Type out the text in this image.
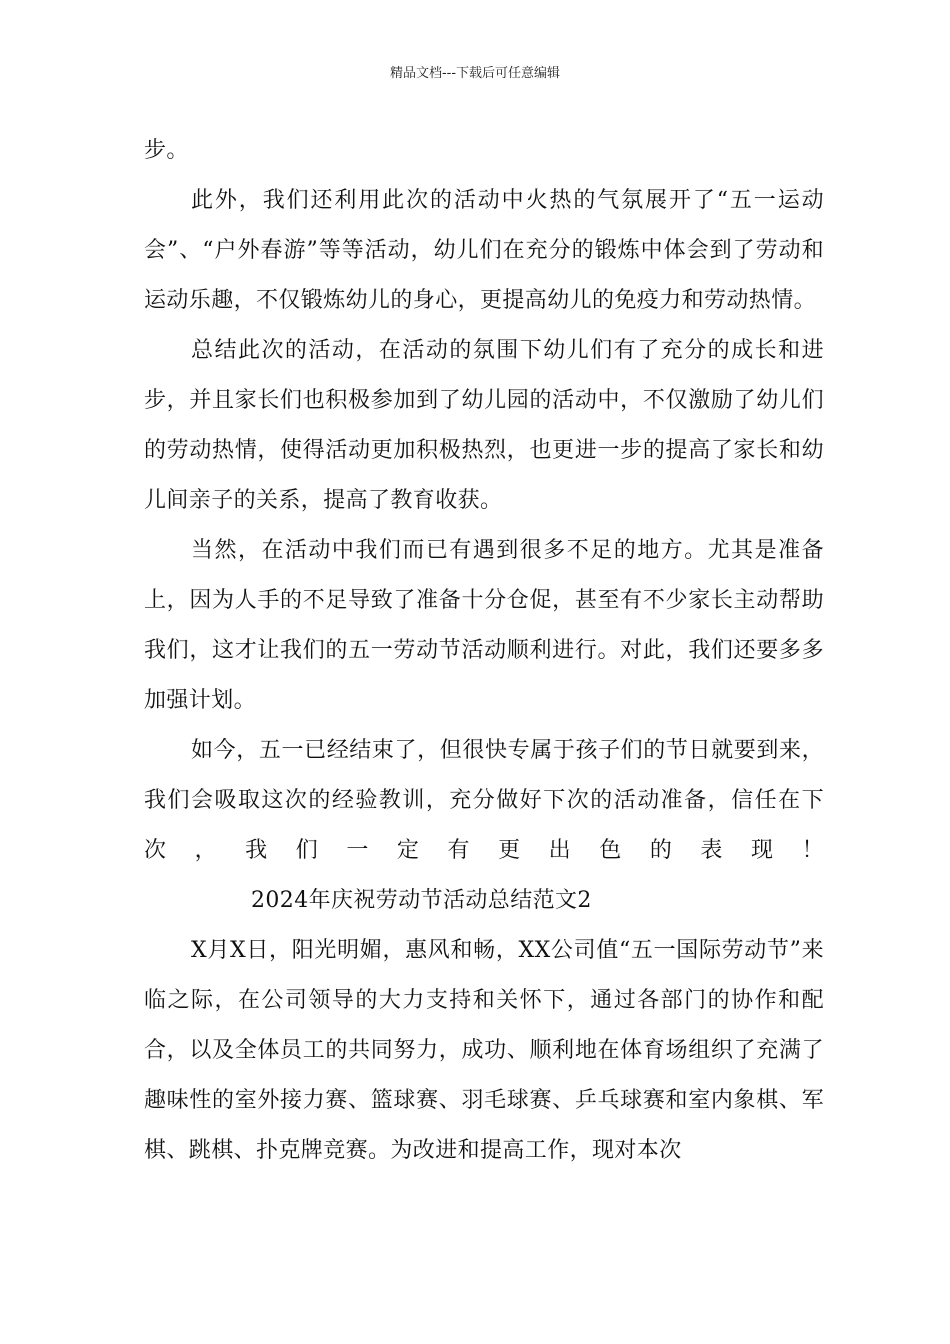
精品文档---下载后可任意编辑

步。

此外，我们还利用此次的活动中火热的气氛展开了“五一运动会”、“户外春游”等等活动，幼儿们在充分的锻炼中体会到了劳动和运动乐趣，不仅锻炼幼儿的身心，更提高幼儿的免疫力和劳动热情。

总结此次的活动，在活动的氛围下幼儿们有了充分的成长和进步，并且家长们也积极参加到了幼儿园的活动中，不仅激励了幼儿们的劳动热情，使得活动更加积极热烈，也更进一步的提高了家长和幼儿间亲子的关系，提高了教育收获。

当然，在活动中我们而已有遇到很多不足的地方。尤其是准备上，因为人手的不足导致了准备十分仓促，甚至有不少家长主动帮助我们，这才让我们的五一劳动节活动顺利进行。对此，我们还要多多加强计划。

如今，五一已经结束了，但很快专属于孩子们的节日就要到来，我们会吸取这次的经验教训，充分做好下次的活动准备，信任在下次，我们一定有更出色的表现！2024年庆祝劳动节活动总结范文2

X月X日，阳光明媚，惠风和畅，XX公司值“五一国际劳动节”来临之际，在公司领导的大力支持和关怀下，通过各部门的协作和配合，以及全体员工的共同努力，成功、顺利地在体育场组织了充满了趣味性的室外接力赛、篮球赛、羽毛球赛、乒乓球赛和室内象棋、军棋、跳棋、扑克牌竞赛。为改进和提高工作，现对本次
